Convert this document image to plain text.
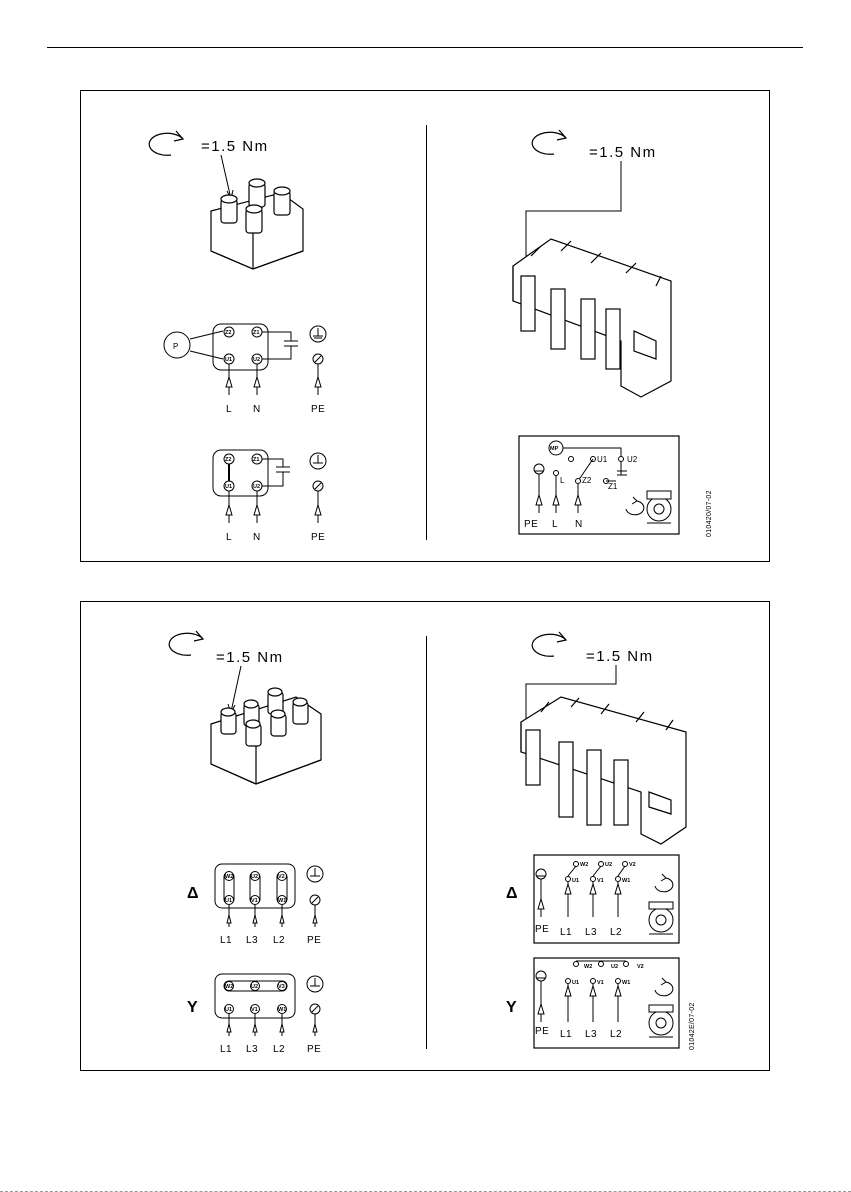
=1.5 Nm
P
Z2	Z1
U1	U2
L N	PE
Z2	Z1
U1	U2
L N	PE
=1.5 Nm
MP
U1 U2
L Z2
Z1
PE L N	010420/07-02
=1.5 Nm
Δ
W2	U2	V2
U1	V1	W1
L1 L3 L2 PE
Y
W2	U2	V3
U1	V1	W1
L1 L3 L2 PE
=1.5 Nm
Δ
W2	U2	V2
U1	V1	W1
PE L1 L3 L2
Y
W2	U2	V2
U1	V1	W1
PE L1 L3 L2	01042E/07-02
